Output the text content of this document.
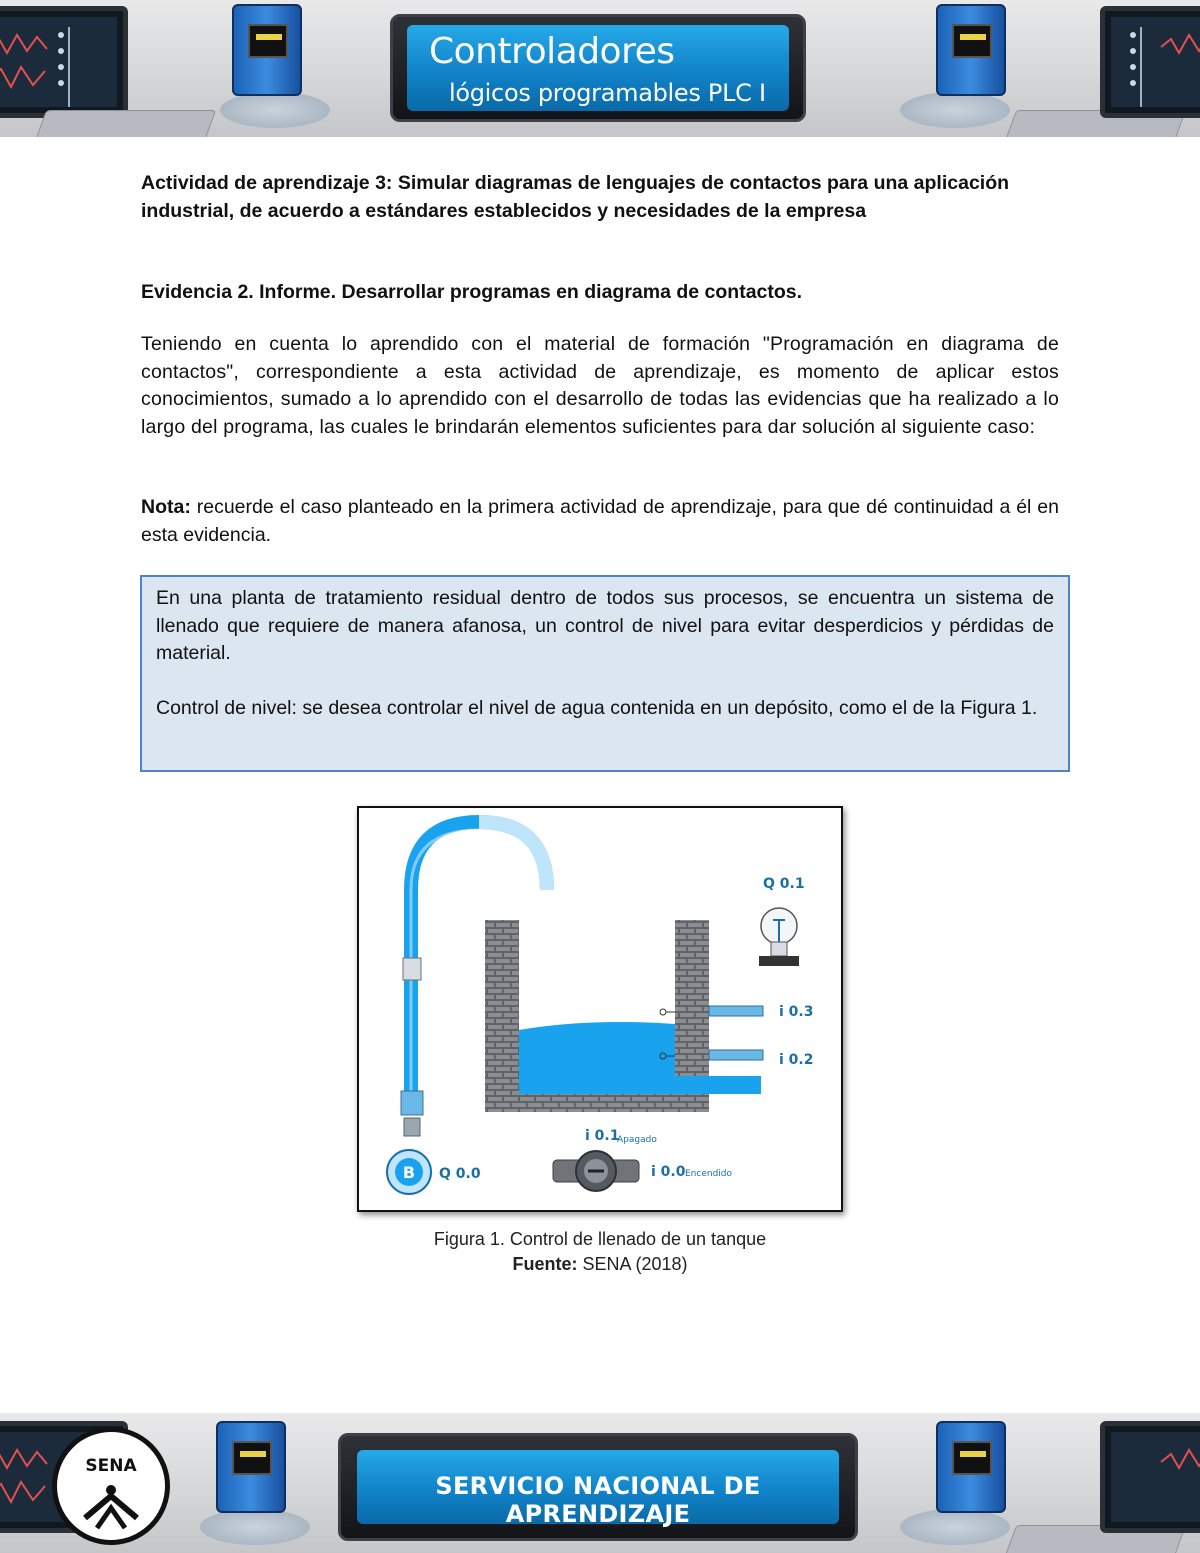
Controladores
lógicos programables PLC I
Actividad de aprendizaje 3: Simular diagramas de lenguajes de contactos para una aplicación industrial, de acuerdo a estándares establecidos y necesidades de la empresa
Evidencia 2. Informe. Desarrollar programas en diagrama de contactos.
Teniendo en cuenta lo aprendido con el material de formación "Programación en diagrama de contactos", correspondiente a esta actividad de aprendizaje, es momento de aplicar estos conocimientos, sumado a lo aprendido con el desarrollo de todas las evidencias que ha realizado a lo largo del programa, las cuales le brindarán elementos suficientes para dar solución al siguiente caso:
Nota: recuerde el caso planteado en la primera actividad de aprendizaje, para que dé continuidad a él en esta evidencia.

En una planta de tratamiento residual dentro de todos sus procesos, se encuentra un sistema de llenado que requiere de manera afanosa, un control de nivel para evitar desperdicios y pérdidas de material.

Control de nivel: se desea controlar el nivel de agua contenida en un depósito, como el de la Figura 1.

i 0.3
i 0.2
Q 0.1
B Q 0.0
i 0.1
Apagado
i 0.0 Encendido
Figura 1. Control de llenado de un tanque
Fuente: SENA (2018)
SENA
SERVICIO NACIONAL DE APRENDIZAJE
